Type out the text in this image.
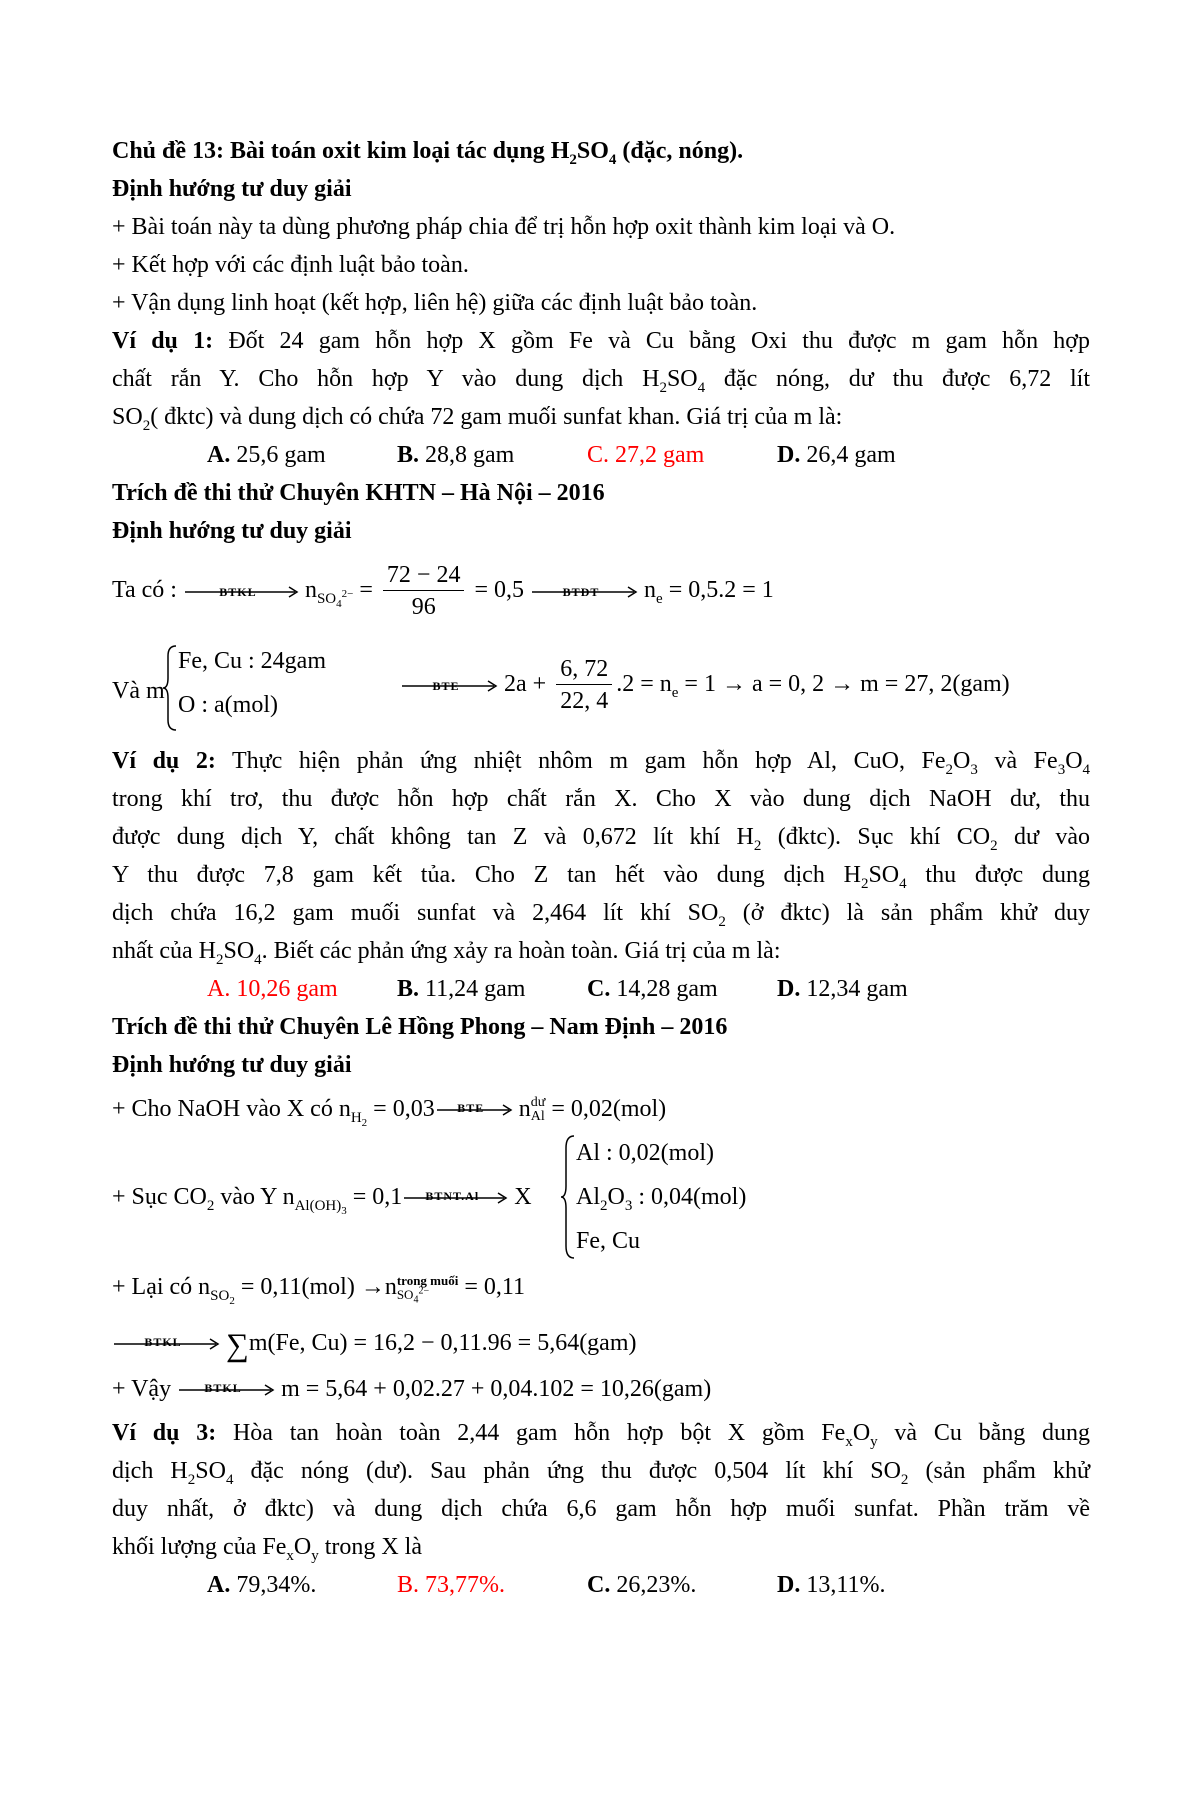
Chủ đề 13: Bài toán oxit kim loại tác dụng $H_2SO_4$ (đặc, nóng).
Định hướng tư duy giải
+ Bài toán này ta dùng phương pháp chia để trị hỗn hợp oxit thành kim loại và O.
+ Kết hợp với các định luật bảo toàn.
+ Vận dụng linh hoạt (kết hợp, liên hệ) giữa các định luật bảo toàn.
Ví dụ 1: Đốt 24 gam hỗn hợp X gồm Fe và Cu bằng Oxi thu được m gam hỗn hợp
chất rắn Y. Cho hỗn hợp Y vào dung dịch $H_2SO_4$ đặc nóng, dư thu được 6,72 lít
$SO_2$( đktc) và dung dịch có chứa 72 gam muối sunfat khan. Giá trị của m là:
A. 25,6 gam	B. 28,8 gam	C. 27,2 gam	D. 26,4 gam
Trích đề thi thử Chuyên KHTN – Hà Nội – 2016
Định hướng tư duy giải
Ta có :	BTKL	$n_{SO_4^{2-}} = \frac{72 - 24}{96} = 0,5$	BTĐT	$n_e = 0,5.2 = 1$
Và m
Fe, Cu : 24gam
O : a(mol)
BTE	$2a + \frac{6, 72}{22, 4} .2 = n_e = 1 \to a = 0$, 2 → m = 27, 2(gam)
Ví dụ 2: Thực hiện phản ứng nhiệt nhôm m gam hỗn hợp Al, CuO, $Fe_2O_3$ và $Fe_3O_4$
trong khí trơ, thu được hỗn hợp chất rắn X. Cho X vào dung dịch NaOH dư, thu
được dung dịch Y, chất không tan Z và 0,672 lít khí $H_2$ (đktc). Sục khí $CO_2$ dư vào
Y thu được 7,8 gam kết tủa. Cho Z tan hết vào dung dịch $H_2SO_4$ thu được dung
dịch chứa 16,2 gam muối sunfat và 2,464 lít khí $SO_2$ (ở đktc) là sản phẩm khử duy
nhất của $H_2SO_4$. Biết các phản ứng xảy ra hoàn toàn. Giá trị của m là:
A. 10,26 gam B. 11,24 gam	C. 14,28 gam D. 12,34 gam
Trích đề thi thử Chuyên Lê Hồng Phong – Nam Định – 2016
Định hướng tư duy giải
+ Cho NaOH vào X có $n_{H_2} = 0,03$	BTE	n dư
Al = 0,02(mol)
+ Sục $CO_2$ vào Y $n_{Al(OH)_3} = 0,1$	BTNT.Al	X
Al : 0,02(mol)
$Al_2O_3$ : 0,04(mol)
Fe, Cu
+ Lại có $n_{SO_2} = 0,11(mol) \to n$ trong muối
$SO_4^{2-}$	= 0,11
BTKL	∑m(Fe, Cu) = 16,2 − 0,11.96 = 5,64(gam)
+ Vậy	BTKL	m = 5,64 + 0,02.27 + 0,04.102 = 10,26(gam)
Ví dụ 3: Hòa tan hoàn toàn 2,44 gam hỗn hợp bột X gồm $Fe_xO_y$ và Cu bằng dung
dịch $H_2SO_4$ đặc nóng (dư). Sau phản ứng thu được 0,504 lít khí $SO_2$ (sản phẩm khử
duy nhất, ở đktc) và dung dịch chứa 6,6 gam hỗn hợp muối sunfat. Phần trăm về
khối lượng của $Fe_xO_y$ trong X là
A. 79,34%.	B. 73,77%.	C. 26,23%.	D. 13,11%.
